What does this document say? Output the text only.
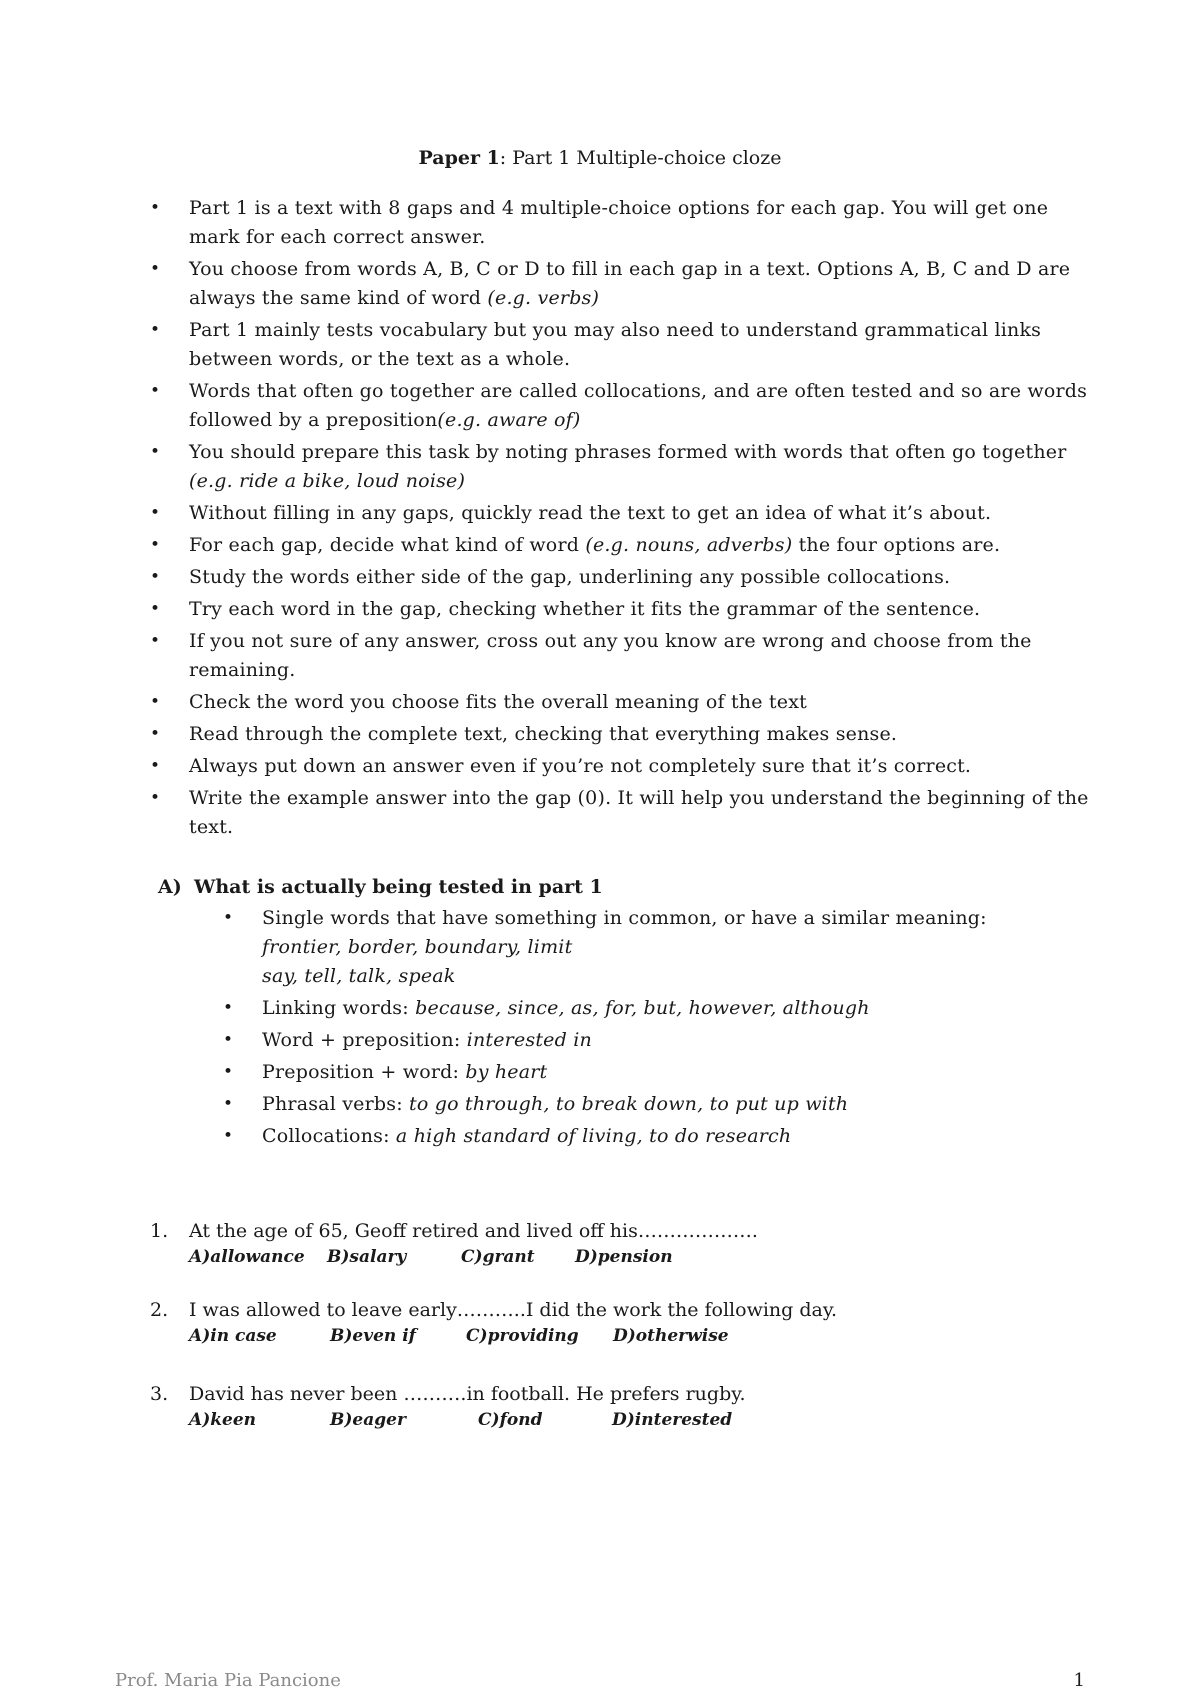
Paper 1: Part 1 Multiple-choice cloze
• Part 1 is a text with 8 gaps and 4 multiple-choice options for each gap. You will get one mark for each correct answer.
• You choose from words A, B, C or D to fill in each gap in a text. Options A, B, C and D are always the same kind of word (e.g. verbs)
• Part 1 mainly tests vocabulary but you may also need to understand grammatical links between words, or the text as a whole.
• Words that often go together are called collocations, and are often tested and so are words followed by a preposition(e.g. aware of)
• You should prepare this task by noting phrases formed with words that often go together (e.g. ride a bike, loud noise)
• Without filling in any gaps, quickly read the text to get an idea of what it’s about.
• For each gap, decide what kind of word (e.g. nouns, adverbs) the four options are.
• Study the words either side of the gap, underlining any possible collocations.
• Try each word in the gap, checking whether it fits the grammar of the sentence.
• If you not sure of any answer, cross out any you know are wrong and choose from the remaining.
• Check the word you choose fits the overall meaning of the text
• Read through the complete text, checking that everything makes sense.
• Always put down an answer even if you’re not completely sure that it’s correct.
• Write the example answer into the gap (0). It will help you understand the beginning of the text.
A) What is actually being tested in part 1
• Single words that have something in common, or have a similar meaning:
frontier, border, boundary, limit
say, tell, talk, speak
• Linking words: because, since, as, for, but, however, although
• Word + preposition: interested in
• Preposition + word: by heart
• Phrasal verbs: to go through, to break down, to put up with
• Collocations: a high standard of living, to do research
1. At the age of 65, Geoff retired and lived off his……………….
A)allowance B)salary	C)grant D)pension
2. I was allowed to leave early………..I did the work the following day.
A)in case	B)even if	C)providing D)otherwise
3. David has never been ……….in football. He prefers rugby.
A)keen	B)eager	C)fond	D)interested
Prof. Maria Pia Pancione	1
